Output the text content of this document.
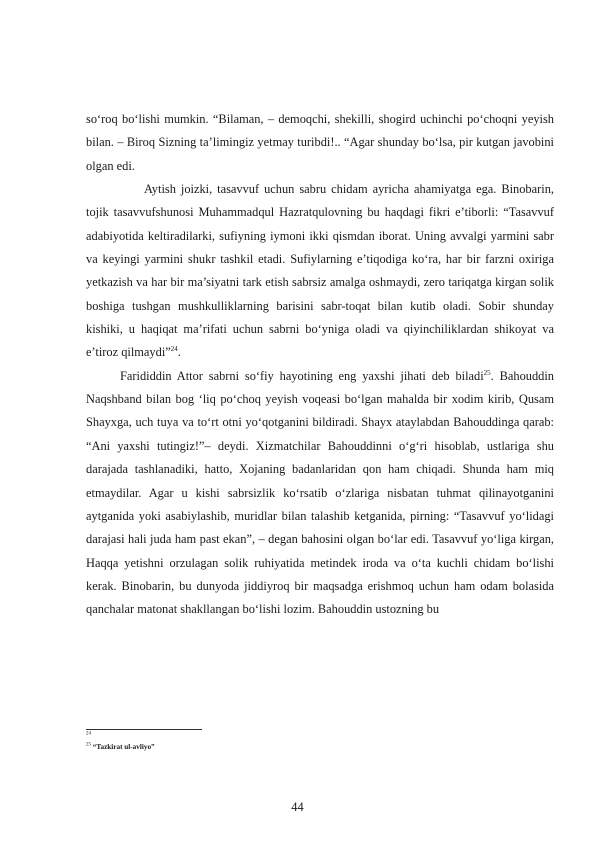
so‘roq bo‘lishi mumkin. “Bilaman, – demoqchi, shekilli, shogird uchinchi po‘choqni yeyish bilan. – Biroq Sizning ta’limingiz yetmay turibdi!.. “Agar shunday bo‘lsa, pir kutgan javobini olgan edi.

Aytish joizki, tasavvuf uchun sabru chidam ayricha ahamiyatga ega. Binobarin, tojik tasavvufshunosi Muhammadqul Hazratqulovning bu haqdagi fikri e’tiborli: “Tasavvuf adabiyotida keltiradilarki, sufiyning iymoni ikki qismdan iborat. Uning avvalgi yarmini sabr va keyingi yarmini shukr tashkil etadi. Sufiylarning e’tiqodiga ko‘ra, har bir farzni oxiriga yetkazish va har bir ma’siyatni tark etish sabrsiz amalga oshmaydi, zero tariqatga kirgan solik boshiga tushgan mushkulliklarning barisini sabr-toqat bilan kutib oladi. Sobir shunday kishiki, u haqiqat ma’rifati uchun sabrni bo‘yniga oladi va qiyinchiliklardan shikoyat va e’tiroz qilmaydi”$^{24}$.

Farididdin Attor sabrni so‘fiy hayotining eng yaxshi jihati deb biladi$^{25}$. Bahouddin Naqshband bilan bog ‘liq po‘choq yeyish voqeasi bo‘lgan mahalda bir xodim kirib, Qusam Shayxga, uch tuya va to‘rt otni yo‘qotganini bildiradi. Shayx ataylabdan Bahouddinga qarab: “Ani yaxshi tutingiz!”– deydi. Xizmatchilar Bahouddinni o‘g‘ri hisoblab, ustlariga shu darajada tashlanadiki, hatto, Xojaning badanlaridan qon ham chiqadi. Shunda ham miq etmaydilar. Agar u kishi sabrsizlik ko‘rsatib o‘zlariga nisbatan tuhmat qilinayotganini aytganida yoki asabiylashib, muridlar bilan talashib ketganida, pirning: “Tasavvuf yo‘lidagi darajasi hali juda ham past ekan”, – degan bahosini olgan bo‘lar edi. Tasavvuf yo‘liga kirgan, Haqqa yetishni orzulagan solik ruhiyatida metindek iroda va o‘ta kuchli chidam bo‘lishi kerak. Binobarin, bu dunyoda jiddiyroq bir maqsadga erishmoq uchun ham odam bolasida qanchalar matonat shakllangan bo‘lishi lozim. Bahouddin ustozning bu

$^{24}$
$^{25}$ “Tazkirat ul-avliyo”
44
